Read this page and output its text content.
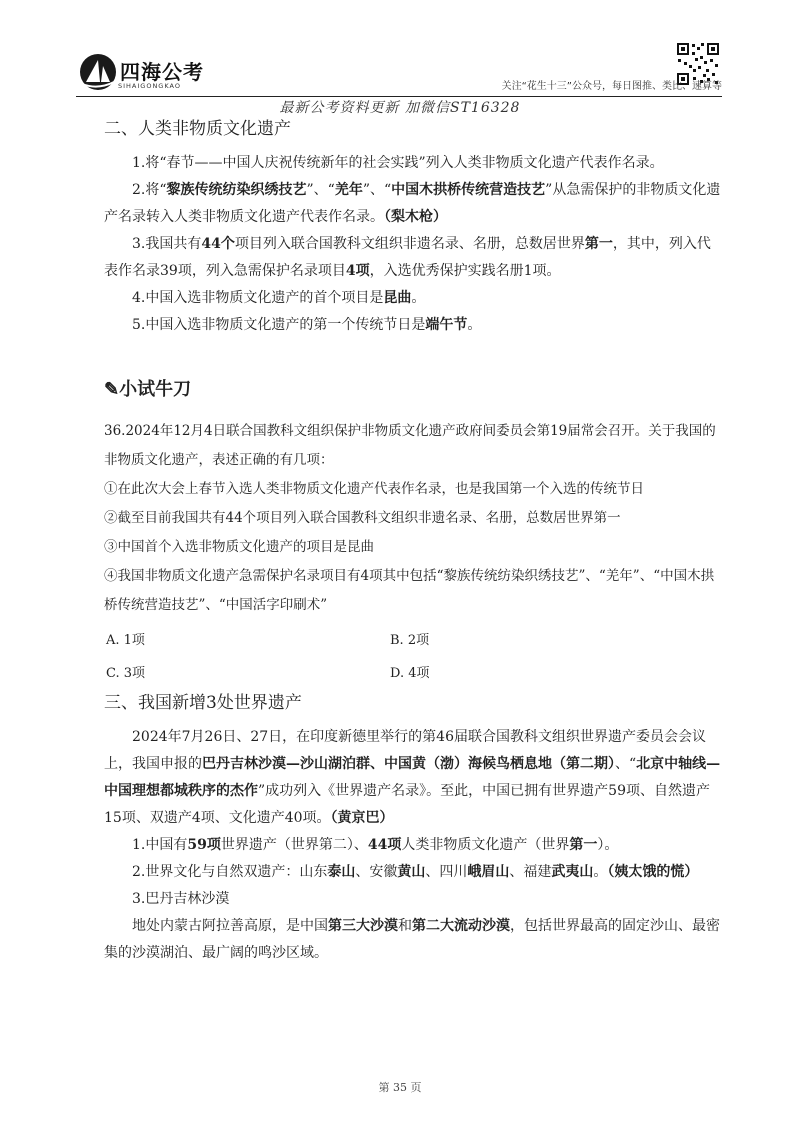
四海公考
SIHAIGONGKAO	关注“花生十三”公众号，每日图推、类比、速算等
最新公考资料更新 加微信ST16328
二、人类非物质文化遗产

1.将“春节——中国人庆祝传统新年的社会实践”列入人类非物质文化遗产代表作名录。

2.将“黎族传统纺染织绣技艺”、“羌年”、“中国木拱桥传统营造技艺”从急需保护的非物质文化遗产名录转入人类非物质文化遗产代表作名录。（梨木枪）

3.我国共有44个项目列入联合国教科文组织非遗名录、名册，总数居世界第一，其中，列入代表作名录39项，列入急需保护名录项目4项，入选优秀保护实践名册1项。

4.中国入选非物质文化遗产的首个项目是昆曲。

5.中国入选非物质文化遗产的第一个传统节日是端午节。

✎小试牛刀

36.2024年12月4日联合国教科文组织保护非物质文化遗产政府间委员会第19届常会召开。关于我国的非物质文化遗产，表述正确的有几项：

①在此次大会上春节入选人类非物质文化遗产代表作名录，也是我国第一个入选的传统节日

②截至目前我国共有44个项目列入联合国教科文组织非遗名录、名册，总数居世界第一

③中国首个入选非物质文化遗产的项目是昆曲

④我国非物质文化遗产急需保护名录项目有4项其中包括“黎族传统纺染织绣技艺”、“羌年”、“中国木拱桥传统营造技艺”、“中国活字印刷术”

A. 1项	B. 2项
C. 3项	D. 4项
三、我国新增3处世界遗产

2024年7月26日、27日，在印度新德里举行的第46届联合国教科文组织世界遗产委员会会议上，我国申报的巴丹吉林沙漠—沙山湖泊群、中国黄（渤）海候鸟栖息地（第二期）、“北京中轴线—中国理想都城秩序的杰作”成功列入《世界遗产名录》。至此，中国已拥有世界遗产59项、自然遗产15项、双遗产4项、文化遗产40项。（黄京巴）

1.中国有59项世界遗产（世界第二）、44项人类非物质文化遗产（世界第一）。

2.世界文化与自然双遗产：山东泰山、安徽黄山、四川峨眉山、福建武夷山。（姨太饿的慌）

3.巴丹吉林沙漠

地处内蒙古阿拉善高原，是中国第三大沙漠和第二大流动沙漠，包括世界最高的固定沙山、最密集的沙漠湖泊、最广阔的鸣沙区域。

第 35 页
